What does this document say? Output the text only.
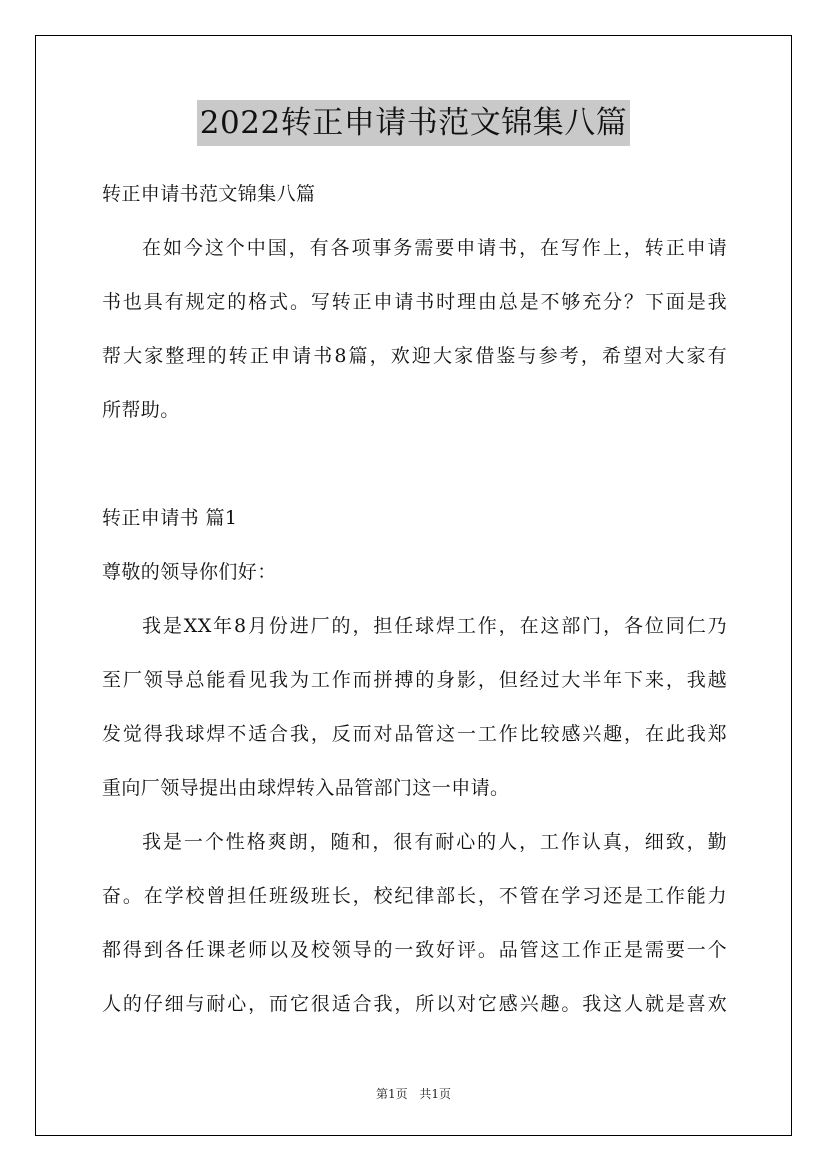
2022转正申请书范文锦集八篇
转正申请书范文锦集八篇
在如今这个中国，有各项事务需要申请书，在写作上，转正申请
书也具有规定的格式。写转正申请书时理由总是不够充分？下面是我
帮大家整理的转正申请书8篇，欢迎大家借鉴与参考，希望对大家有
所帮助。
转正申请书 篇1
尊敬的领导你们好：
我是XX年8月份进厂的，担任球焊工作，在这部门，各位同仁乃
至厂领导总能看见我为工作而拼搏的身影，但经过大半年下来，我越
发觉得我球焊不适合我，反而对品管这一工作比较感兴趣，在此我郑
重向厂领导提出由球焊转入品管部门这一申请。
我是一个性格爽朗，随和，很有耐心的人，工作认真，细致，勤
奋。在学校曾担任班级班长，校纪律部长，不管在学习还是工作能力
都得到各任课老师以及校领导的一致好评。品管这工作正是需要一个
人的仔细与耐心，而它很适合我，所以对它感兴趣。我这人就是喜欢
第1页 共1页
